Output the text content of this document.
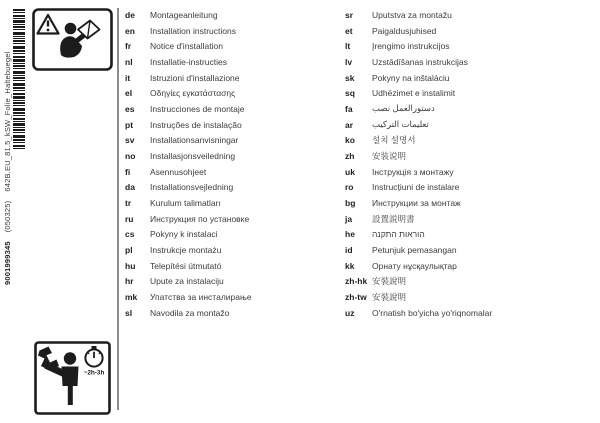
9001999345(050325)642B.EU_81.5_kSW_Folie_Haltebuegel
de	Montageanleitung
en	Installation instructions
fr	Notice d'installation
nl	Installatie-instructies
it	Istruzioni d'installazione
el	Οδηγίες εγκατάστασης
es	Instrucciones de montaje
pt	Instruções de instalação
sv	Installationsanvisningar
no	Installasjonsveiledning
fi	Asennusohjeet
da	Installationsvejledning
tr	Kurulum talimatları
ru	Инструкция по установке
cs	Pokyny k instalaci
pl	Instrukcje montażu
hu	Telepítési útmutató
hr	Upute za instalaciju
mk	Упатства за инсталирање
sl	Navodila za montažo
sr	Uputstva za montažu
et	Paigaldusjuhised
lt	Įrengimo instrukcijos
lv	Uzstādīšanas instrukcijas
sk	Pokyny na inštaláciu
sq	Udhëzimet e instalimit
fa	دستورالعمل نصب
ar	تعليمات التركيب
ko	설치 설명서
zh	安装说明
uk	Інструкція з монтажу
ro	Instrucțiuni de instalare
bg	Инструкции за монтаж
ja	設置説明書
he	הוראות התקנה
id	Petunjuk pemasangan
kk	Орнату нұсқаулықтар
zh-hk 安裝說明
zh-tw 安裝說明
uz	O'rnatish bo'yicha yo'riqnomalar
~2h-3h
